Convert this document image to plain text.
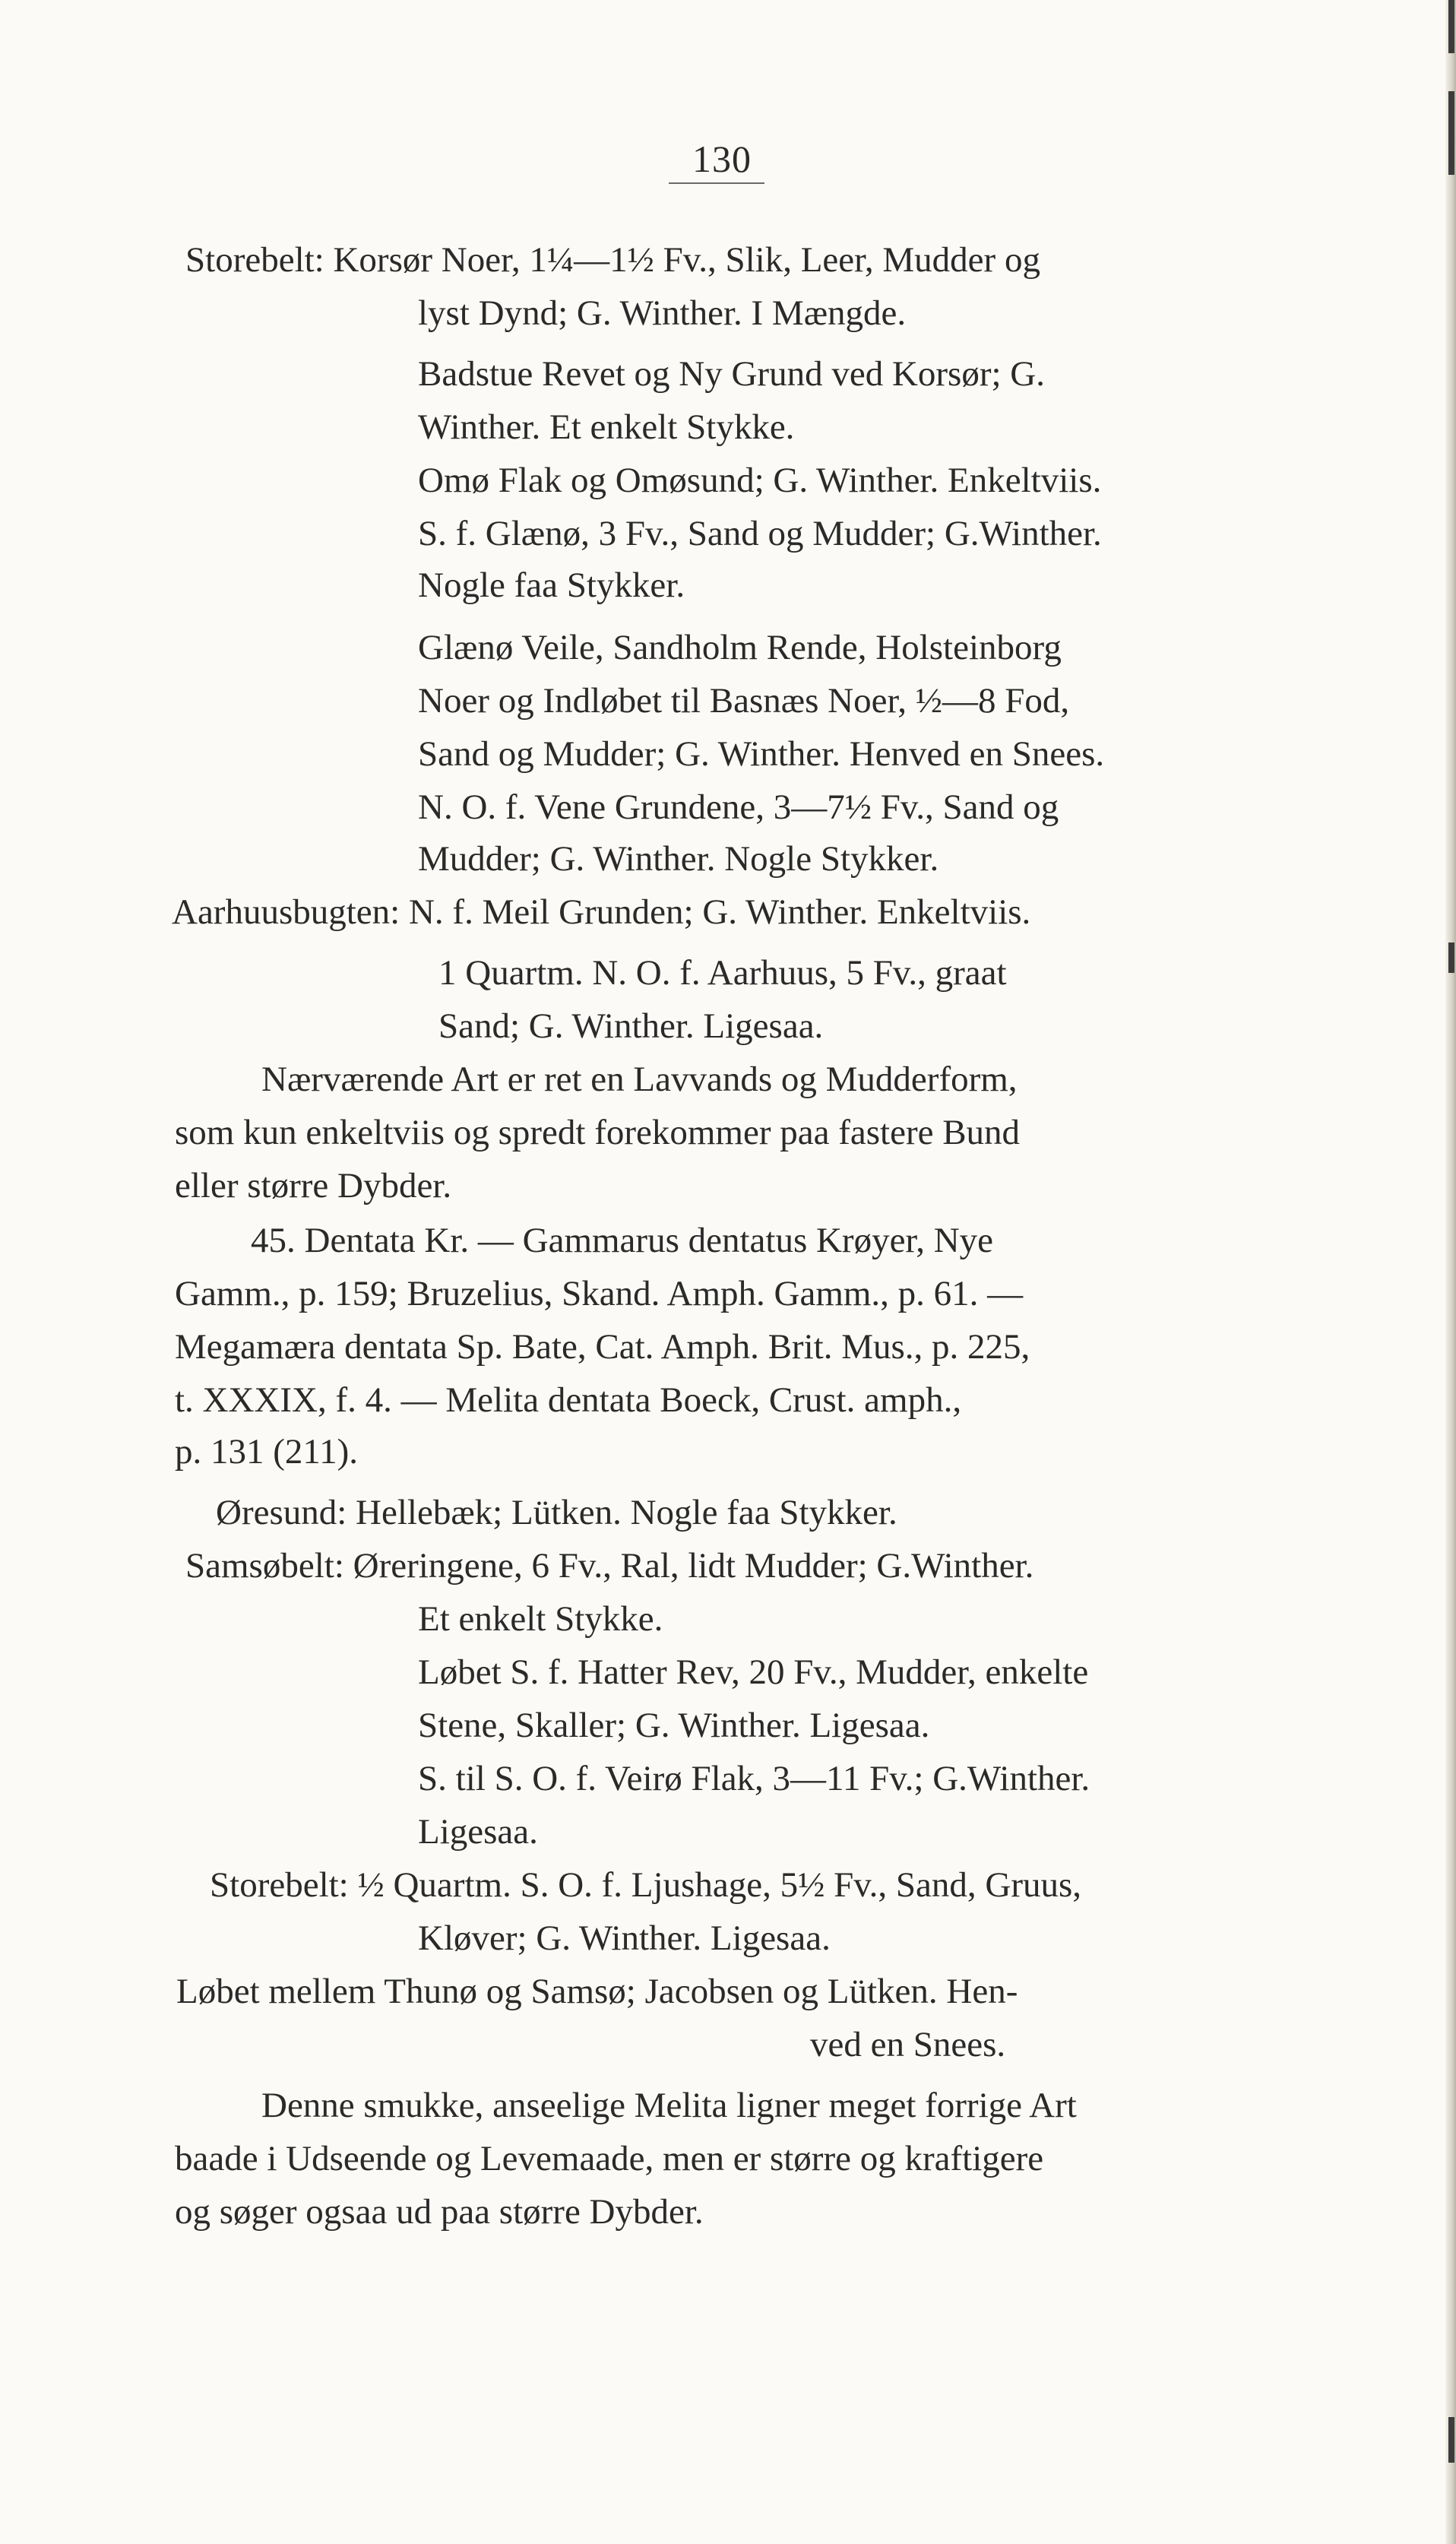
130
Storebelt: Korsør Noer, 1¼—1½ Fv., Slik, Leer, Mudder og
lyst Dynd; G. Winther. I Mængde.
Badstue Revet og Ny Grund ved Korsør; G.
Winther. Et enkelt Stykke.
Omø Flak og Omøsund; G. Winther. Enkeltviis.
S. f. Glænø, 3 Fv., Sand og Mudder; G.Winther.
Nogle faa Stykker.
Glænø Veile, Sandholm Rende, Holsteinborg
Noer og Indløbet til Basnæs Noer, ½—8 Fod,
Sand og Mudder; G. Winther. Henved en Snees.
N. O. f. Vene Grundene, 3—7½ Fv., Sand og
Mudder; G. Winther. Nogle Stykker.
Aarhuusbugten: N. f. Meil Grunden; G. Winther. Enkeltviis.
1 Quartm. N. O. f. Aarhuus, 5 Fv., graat
Sand; G. Winther. Ligesaa.
Nærværende Art er ret en Lavvands og Mudderform,
som kun enkeltviis og spredt forekommer paa fastere Bund
eller større Dybder.
45. Dentata Kr. — Gammarus dentatus Krøyer, Nye
Gamm., p. 159; Bruzelius, Skand. Amph. Gamm., p. 61. —
Megamæra dentata Sp. Bate, Cat. Amph. Brit. Mus., p. 225,
t. XXXIX, f. 4. — Melita dentata Boeck, Crust. amph.,
p. 131 (211).
Øresund: Hellebæk; Lütken. Nogle faa Stykker.
Samsøbelt: Øreringene, 6 Fv., Ral, lidt Mudder; G.Winther.
Et enkelt Stykke.
Løbet S. f. Hatter Rev, 20 Fv., Mudder, enkelte
Stene, Skaller; G. Winther. Ligesaa.
S. til S. O. f. Veirø Flak, 3—11 Fv.; G.Winther.
Ligesaa.
Storebelt: ½ Quartm. S. O. f. Ljushage, 5½ Fv., Sand, Gruus,
Kløver; G. Winther. Ligesaa.
Løbet mellem Thunø og Samsø; Jacobsen og Lütken. Hen-
ved en Snees.
Denne smukke, anseelige Melita ligner meget forrige Art
baade i Udseende og Levemaade, men er større og kraftigere
og søger ogsaa ud paa større Dybder.
